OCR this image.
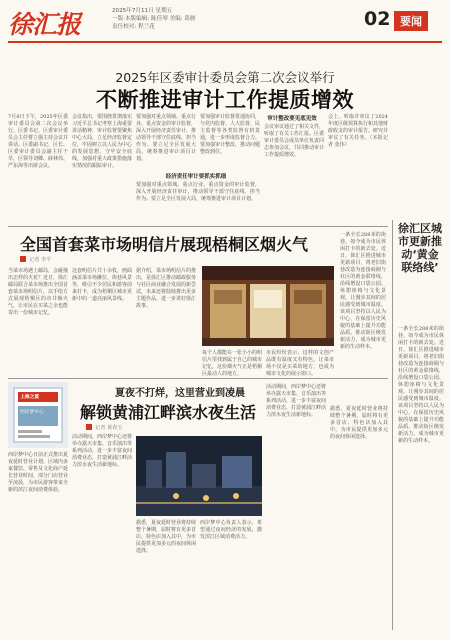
徐汇报	2025年7月11日 星期五
一版·本版编辑: 陈佳琴 美编: 葛骏
责任校对: 程兰花	02 要闻
2025年区委审计委员会第二次会议举行
不断推进审计工作提质增效
7月8日下午，2025年区委审计委员会第二次会议举行。区委书记、区委审计委员会主任曹立强主持会议并讲话。区委副书记、区长、区委审计委员会副主任干莘，区领导刘卿、薛林伟、严东海等出席会议。
会议指出，要围绕贯彻落实习近平总书记考察上海重要讲话精神，审计监督要聚焦中心大局，立足经济监督定位，牢固树立以人民为中心的发展思想，守牢安全底线，加强对重大政策措施落实情况的跟踪审计。
要加强对重点领域、重点行业、重点资金的审计监督，深入开展经济责任审计，推动领导干部守住底线、担当作为。要立足全区发展大局，统筹推进审计项目计划。
经济责任审计要抓实抓细
要加强审计监督贯通协同，与党内监督、人大监督、民主监督等各类监督有机贯通，进一步形成监督合力。要加强审计整改，推动问题整改到位。
审计整改要见底见效
会议审议通过了相关文件，听取了有关工作汇报。区委审计委员会成员单位负责同志参加会议，共同推动审计工作提质增效。
会上，听取并审议了2024年度区级预算执行和其他财政收支的审计报告。研究并审议了有关任务。（本报记者 张伟）
要加强对重点领域、重点行业、重点资金的审计监督，深入开展经济责任审计，推动领导干部守住底线、担当作为。要立足全区发展大局，统筹推进审计项目计划。
徐汇区城市更新推动‘黄金联络线’
一条全长288米的街巷，如今成为市民休闲打卡的新去处。近日，徐汇区推进城市更新项目，将老旧街巷改造为连接商圈与社区的黄金联络线，沿线增设口袋公园、休憩座椅与文化景观，让漫步其间的居民感受到城市温度。该项目坚持以人民为中心，在保留历史风貌的基础上提升功能品质，推动街区焕发新活力，成为城市更新的生动样本。
一条全长288米的街巷，如今成为市民休闲打卡的新去处。近日，徐汇区推进城市更新项目，将老旧街巷改造为连接商圈与社区的黄金联络线，沿线增设口袋公园、休憩座椅与文化景观，让漫步其间的居民感受到城市温度。该项目坚持以人民为中心，在保留历史风貌的基础上提升功能品质，推动街区焕发新活力，成为城市更新的生动样本。
全国首套菜市场明信片展现梧桐区烟火气
记者 李平
当菜市场遇上邮局，会碰撞出怎样的火花？近日，徐汇邮局联合菜市场推出全国首套菜市场明信片，以手绘方式展现梧桐区的市井烟火气，让市民在买菜之余也能寄出一份城市记忆。
这套明信片共十余枚，画面涵盖菜市场摊位、街巷风景等，吸引不少居民和游客前来打卡，成为梧桐区城市更新中的一道亮丽风景线。
据介绍，菜市场明信片的推出，是徐汇区推动邮政服务与社区商业融合发展的新尝试，未来还将陆续推出更多主题作品，进一步讲好徐汇故事。
每个人都能在一张小小的明信片里找到属于自己的城市记忆，这份烟火气正是梧桐区最动人的地方。
市民纷纷表示，这样的文创产品既有温度又有特色，让菜市场不仅是买菜的地方，也成为城市文化的展示窗口。
夏夜不打烊，这里营业到凌晨
解锁黄浦江畔滨水夜生活
记者 黄春玉
上海之夏
西岸梦中心
西岸梦中心日前正式推出夏夜延时营业计划，区域内多家餐饮、零售及文化商户延长营业时间，部分门店营业至凌晨，为市民游客带来全新的滨江夜间消费体验。
活动期间，西岸梦中心还将举办露天市集、音乐演出等系列活动，进一步丰富夜间消费业态，打造黄浦江畔活力滨水夜生活新地标。
据悉，夏夜延时营业将持续整个暑期，届时将有更多首店、特色店加入其中，为市民提供更加多元的夜间休闲选择。
西岸梦中心负责人表示，希望通过夜间经济的发展，激发滨江区域消费活力。
活动期间，西岸梦中心还将举办露天市集、音乐演出等系列活动，进一步丰富夜间消费业态，打造黄浦江畔活力滨水夜生活新地标。
据悉，夏夜延时营业将持续整个暑期，届时将有更多首店、特色店加入其中，为市民提供更加多元的夜间休闲选择。
